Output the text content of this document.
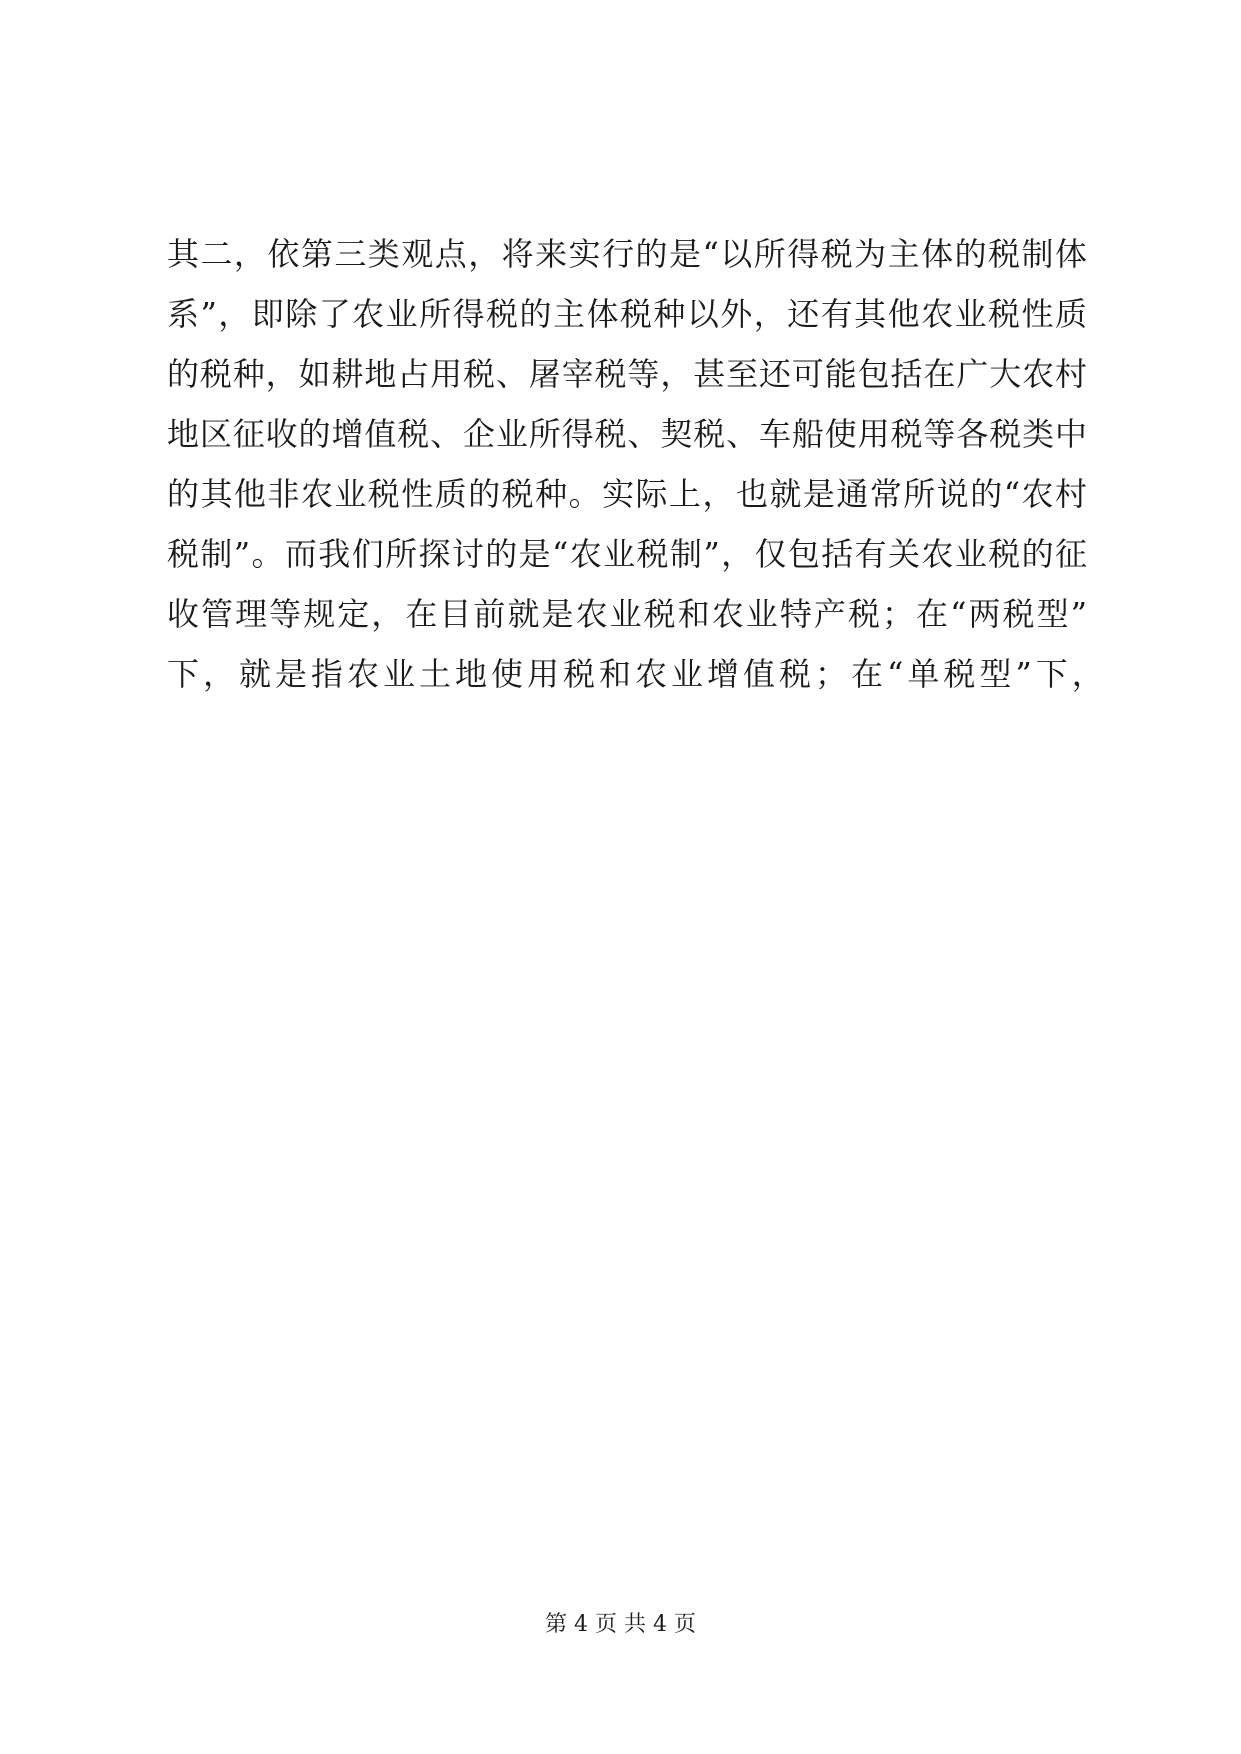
其二，依第三类观点，将来实行的是“以所得税为主体的税制体
系”，即除了农业所得税的主体税种以外，还有其他农业税性质
的税种，如耕地占用税、屠宰税等，甚至还可能包括在广大农村
地区征收的增值税、企业所得税、契税、车船使用税等各税类中
的其他非农业税性质的税种。实际上，也就是通常所说的“农村
税制”。而我们所探讨的是“农业税制”，仅包括有关农业税的征
收管理等规定，在目前就是农业税和农业特产税；在“两税型”
下，就是指农业土地使用税和农业增值税；在“单税型”下，
第 4 页 共 4 页
